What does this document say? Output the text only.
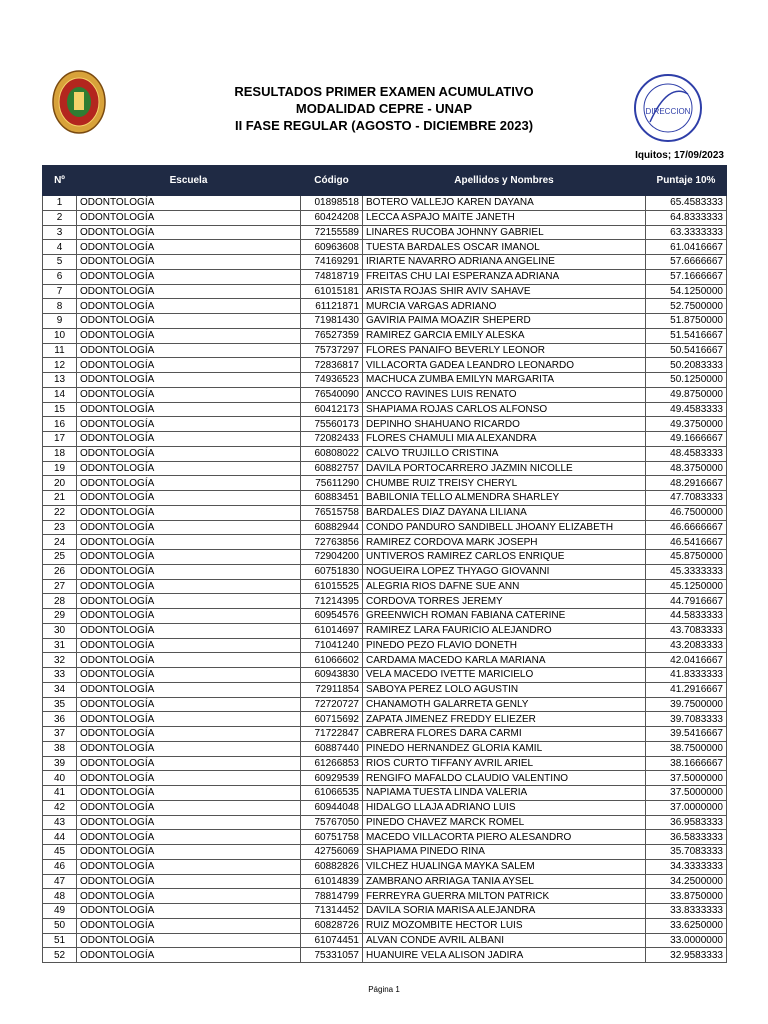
DIRECCION
RESULTADOS PRIMER EXAMEN ACUMULATIVO
MODALIDAD CEPRE - UNAP
II FASE REGULAR (AGOSTO - DICIEMBRE 2023)
Iquitos; 17/09/2023
Nº	Escuela	Código	Apellidos y Nombres	Puntaje 10%
1	ODONTOLOGÍA	01898518	BOTERO VALLEJO KAREN DAYANA	65.4583333
2	ODONTOLOGÍA	60424208	LECCA ASPAJO MAITE JANETH	64.8333333
3	ODONTOLOGÍA	72155589	LINARES RUCOBA JOHNNY GABRIEL	63.3333333
4	ODONTOLOGÍA	60963608	TUESTA BARDALES OSCAR IMANOL	61.0416667
5	ODONTOLOGÍA	74169291	IRIARTE NAVARRO ADRIANA ANGELINE	57.6666667
6	ODONTOLOGÍA	74818719	FREITAS CHU LAI ESPERANZA ADRIANA	57.1666667
7	ODONTOLOGÍA	61015181	ARISTA ROJAS SHIR AVIV SAHAVE	54.1250000
8	ODONTOLOGÍA	61121871	MURCIA VARGAS ADRIANO	52.7500000
9	ODONTOLOGÍA	71981430	GAVIRIA PAIMA MOAZIR SHEPERD	51.8750000
10	ODONTOLOGÍA	76527359	RAMIREZ GARCIA EMILY ALESKA	51.5416667
11	ODONTOLOGÍA	75737297	FLORES PANAIFO BEVERLY LEONOR	50.5416667
12	ODONTOLOGÍA	72836817	VILLACORTA GADEA LEANDRO LEONARDO	50.2083333
13	ODONTOLOGÍA	74936523	MACHUCA ZUMBA EMILYN MARGARITA	50.1250000
14	ODONTOLOGÍA	76540090	ANCCO RAVINES LUIS RENATO	49.8750000
15	ODONTOLOGÍA	60412173	SHAPIAMA ROJAS CARLOS ALFONSO	49.4583333
16	ODONTOLOGÍA	75560173	DEPINHO SHAHUANO RICARDO	49.3750000
17	ODONTOLOGÍA	72082433	FLORES CHAMULI MIA ALEXANDRA	49.1666667
18	ODONTOLOGÍA	60808022	CALVO TRUJILLO CRISTINA	48.4583333
19	ODONTOLOGÍA	60882757	DAVILA PORTOCARRERO JAZMIN NICOLLE	48.3750000
20	ODONTOLOGÍA	75611290	CHUMBE RUIZ TREISY CHERYL	48.2916667
21	ODONTOLOGÍA	60883451	BABILONIA TELLO ALMENDRA SHARLEY	47.7083333
22	ODONTOLOGÍA	76515758	BARDALES DIAZ DAYANA LILIANA	46.7500000
23	ODONTOLOGÍA	60882944	CONDO PANDURO SANDIBELL JHOANY ELIZABETH	46.6666667
24	ODONTOLOGÍA	72763856	RAMIREZ CORDOVA MARK JOSEPH	46.5416667
25	ODONTOLOGÍA	72904200	UNTIVEROS RAMIREZ CARLOS ENRIQUE	45.8750000
26	ODONTOLOGÍA	60751830	NOGUEIRA LOPEZ THYAGO GIOVANNI	45.3333333
27	ODONTOLOGÍA	61015525	ALEGRIA RIOS DAFNE SUE ANN	45.1250000
28	ODONTOLOGÍA	71214395	CORDOVA TORRES JEREMY	44.7916667
29	ODONTOLOGÍA	60954576	GREENWICH ROMAN FABIANA CATERINE	44.5833333
30	ODONTOLOGÍA	61014697	RAMIREZ LARA FAURICIO ALEJANDRO	43.7083333
31	ODONTOLOGÍA	71041240	PINEDO PEZO FLAVIO DONETH	43.2083333
32	ODONTOLOGÍA	61066602	CARDAMA MACEDO KARLA MARIANA	42.0416667
33	ODONTOLOGÍA	60943830	VELA MACEDO IVETTE MARICIELO	41.8333333
34	ODONTOLOGÍA	72911854	SABOYA PEREZ LOLO AGUSTIN	41.2916667
35	ODONTOLOGÍA	72720727	CHANAMOTH GALARRETA GENLY	39.7500000
36	ODONTOLOGÍA	60715692	ZAPATA JIMENEZ FREDDY ELIEZER	39.7083333
37	ODONTOLOGÍA	71722847	CABRERA FLORES DARA CARMI	39.5416667
38	ODONTOLOGÍA	60887440	PINEDO HERNANDEZ GLORIA KAMIL	38.7500000
39	ODONTOLOGÍA	61266853	RIOS CURTO TIFFANY AVRIL ARIEL	38.1666667
40	ODONTOLOGÍA	60929539	RENGIFO MAFALDO CLAUDIO VALENTINO	37.5000000
41	ODONTOLOGÍA	61066535	NAPIAMA TUESTA LINDA VALERIA	37.5000000
42	ODONTOLOGÍA	60944048	HIDALGO LLAJA ADRIANO LUIS	37.0000000
43	ODONTOLOGÍA	75767050	PINEDO CHAVEZ MARCK ROMEL	36.9583333
44	ODONTOLOGÍA	60751758	MACEDO VILLACORTA PIERO ALESANDRO	36.5833333
45	ODONTOLOGÍA	42756069	SHAPIAMA PINEDO RINA	35.7083333
46	ODONTOLOGÍA	60882826	VILCHEZ HUALINGA MAYKA SALEM	34.3333333
47	ODONTOLOGÍA	61014839	ZAMBRANO ARRIAGA TANIA AYSEL	34.2500000
48	ODONTOLOGÍA	78814799	FERREYRA GUERRA MILTON PATRICK	33.8750000
49	ODONTOLOGÍA	71314452	DAVILA SORIA MARISA ALEJANDRA	33.8333333
50	ODONTOLOGÍA	60828726	RUIZ MOZOMBITE HECTOR LUIS	33.6250000
51	ODONTOLOGÍA	61074451	ALVAN CONDE AVRIL ALBANI	33.0000000
52	ODONTOLOGÍA	75331057	HUANUIRE VELA ALISON JADIRA	32.9583333
Página 1
